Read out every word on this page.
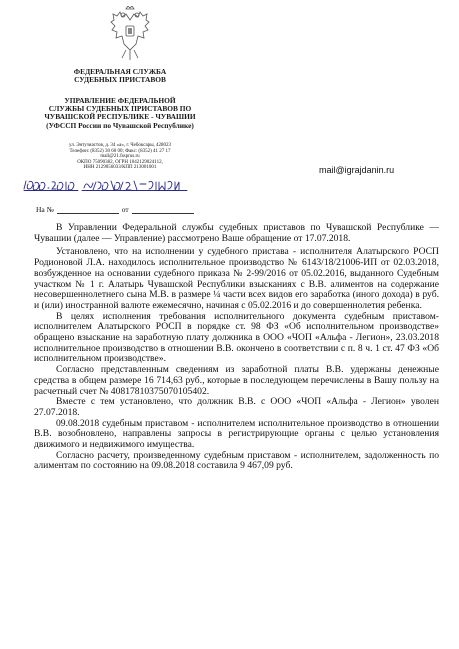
ФЕДЕРАЛЬНАЯ СЛУЖБА
СУДЕБНЫХ ПРИСТАВОВ
УПРАВЛЕНИЕ ФЕДЕРАЛЬНОЙ
СЛУЖБЫ СУДЕБНЫХ ПРИСТАВОВ ПО
ЧУВАШСКОЙ РЕСПУБЛИКЕ - ЧУВАШИИ
(УФССП России по Чувашской Республике)
ул. Энтузиастов, д. 34 «а», г. Чебоксары, 428023
Телефон: (8352) 30 60 00; Факс: (8352) 41 27 17
mail@21.fssprus.ru
ОКПО 75090382, ОГРН 1042129024112,
ИНН 2129056033/КПП 213001001	mail@igrajdanin.ru
На №	от

В Управлении Федеральной службы судебных приставов по Чувашской Республике — Чувашии (далее — Управление) рассмотрено Ваше обращение от 17.07.2018.

Установлено, что на исполнении у судебного пристава - исполнителя Алатырского РОСП Родионовой Л.А. находилось исполнительное производство № 6143/18/21006-ИП от 02.03.2018, возбужденное на основании судебного приказа № 2-99/2016 от 05.02.2016, выданного Судебным участком № 1 г. Алатырь Чувашской Республики взысканиях с В.В. алиментов на содержание несовершеннолетнего сына М.В. в размере ¼ части всех видов его заработка (иного дохода) в руб. и (или) иностранной валюте ежемесячно, начиная с 05.02.2016 и до совершеннолетия ребенка.

В целях исполнения требования исполнительного документа судебным приставом-исполнителем Алатырского РОСП в порядке ст. 98 ФЗ «Об исполнительном производстве» обращено взыскание на заработную плату должника в ООО «ЧОП «Альфа - Легион», 23.03.2018 исполнительное производство в отношении В.В. окончено в соответствии с п. 8 ч. 1 ст. 47 ФЗ «Об исполнительном производстве».

Согласно представленным сведениям из заработной платы В.В. удержаны денежные средства в общем размере 16 714,63 руб., которые в последующем перечислены в Вашу пользу на расчетный счет № 40817810375070105402.

Вместе с тем установлено, что должник В.В. с ООО «ЧОП «Альфа - Легион» уволен 27.07.2018.

09.08.2018 судебным приставом - исполнителем исполнительное производство в отношении В.В. возобновлено, направлены запросы в регистрирующие органы с целью установления движимого и недвижимого имущества.

Согласно расчету, произведенному судебным приставом - исполнителем, задолженность по алиментам по состоянию на 09.08.2018 составила 9 467,09 руб.
